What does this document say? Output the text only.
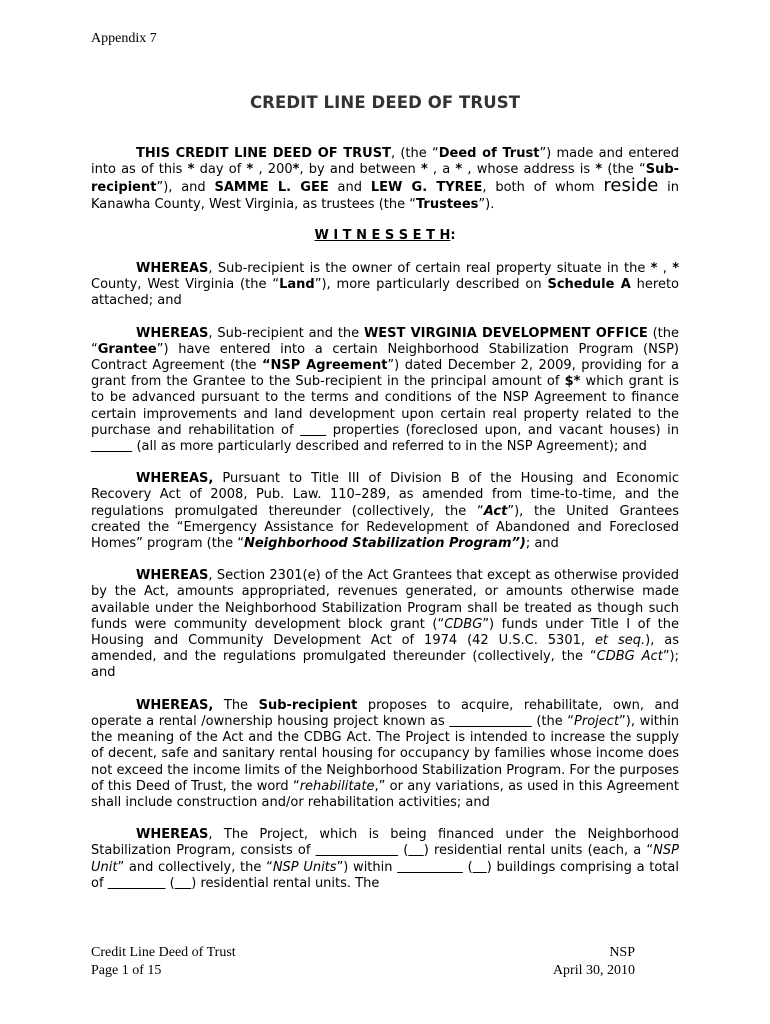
Appendix 7
CREDIT LINE DEED OF TRUST

THIS CREDIT LINE DEED OF TRUST, (the “Deed of Trust”) made and entered into as of this * day of * , 200*, by and between * , a * , whose address is * (the “Sub-recipient”), and SAMME L. GEE and LEW G. TYREE, both of whom reside in Kanawha County, West Virginia, as trustees (the “Trustees”).

W I T N E S S E T H:

WHEREAS, Sub-recipient is the owner of certain real property situate in the * , * County, West Virginia (the “Land”), more particularly described on Schedule A hereto attached; and

WHEREAS, Sub-recipient and the WEST VIRGINIA DEVELOPMENT OFFICE (the “Grantee”) have entered into a certain Neighborhood Stabilization Program (NSP) Contract Agreement (the “NSP Agreement”) dated December 2, 2009, providing for a grant from the Grantee to the Sub-recipient in the principal amount of $* which grant is to be advanced pursuant to the terms and conditions of the NSP Agreement to finance certain improvements and land development upon certain real property related to the purchase and rehabilitation of      properties (foreclosed upon, and vacant houses) in            (all as more particularly described and referred to in the NSP Agreement); and

WHEREAS, Pursuant to Title III of Division B of the Housing and Economic Recovery Act of 2008, Pub. Law. 110–289, as amended from time-to-time, and the regulations promulgated thereunder (collectively, the “Act”), the United Grantees created the “Emergency Assistance for Redevelopment of Abandoned and Foreclosed Homes” program (the “Neighborhood Stabilization Program”); and

WHEREAS, Section 2301(e) of the Act Grantees that except as otherwise provided by the Act, amounts appropriated, revenues generated, or amounts otherwise made available under the Neighborhood Stabilization Program shall be treated as though such funds were community development block grant (“CDBG”) funds under Title I of the Housing and Community Development Act of 1974 (42 U.S.C. 5301, et seq.), as amended, and the regulations promulgated thereunder (collectively, the “CDBG Act”); and

WHEREAS, The Sub-recipient proposes to acquire, rehabilitate, own, and operate a rental /ownership housing project known as	(the “Project”), within the meaning of the Act and the CDBG Act. The Project is intended to increase the supply of decent, safe and sanitary rental housing for occupancy by families whose income does not exceed the income limits of the Neighborhood Stabilization Program. For the purposes of this Deed of Trust, the word “rehabilitate,” or any variations, as used in this Agreement shall include construction and/or rehabilitation activities; and

WHEREAS, The Project, which is being financed under the Neighborhood Stabilization Program, consists of	( ) residential rental units (each, a “NSP Unit” and collectively, the “NSP Units”) within	( ) buildings comprising a total of	( ) residential rental units. The

Credit Line Deed of Trust
Page 1 of 15
NSP
April 30, 2010
